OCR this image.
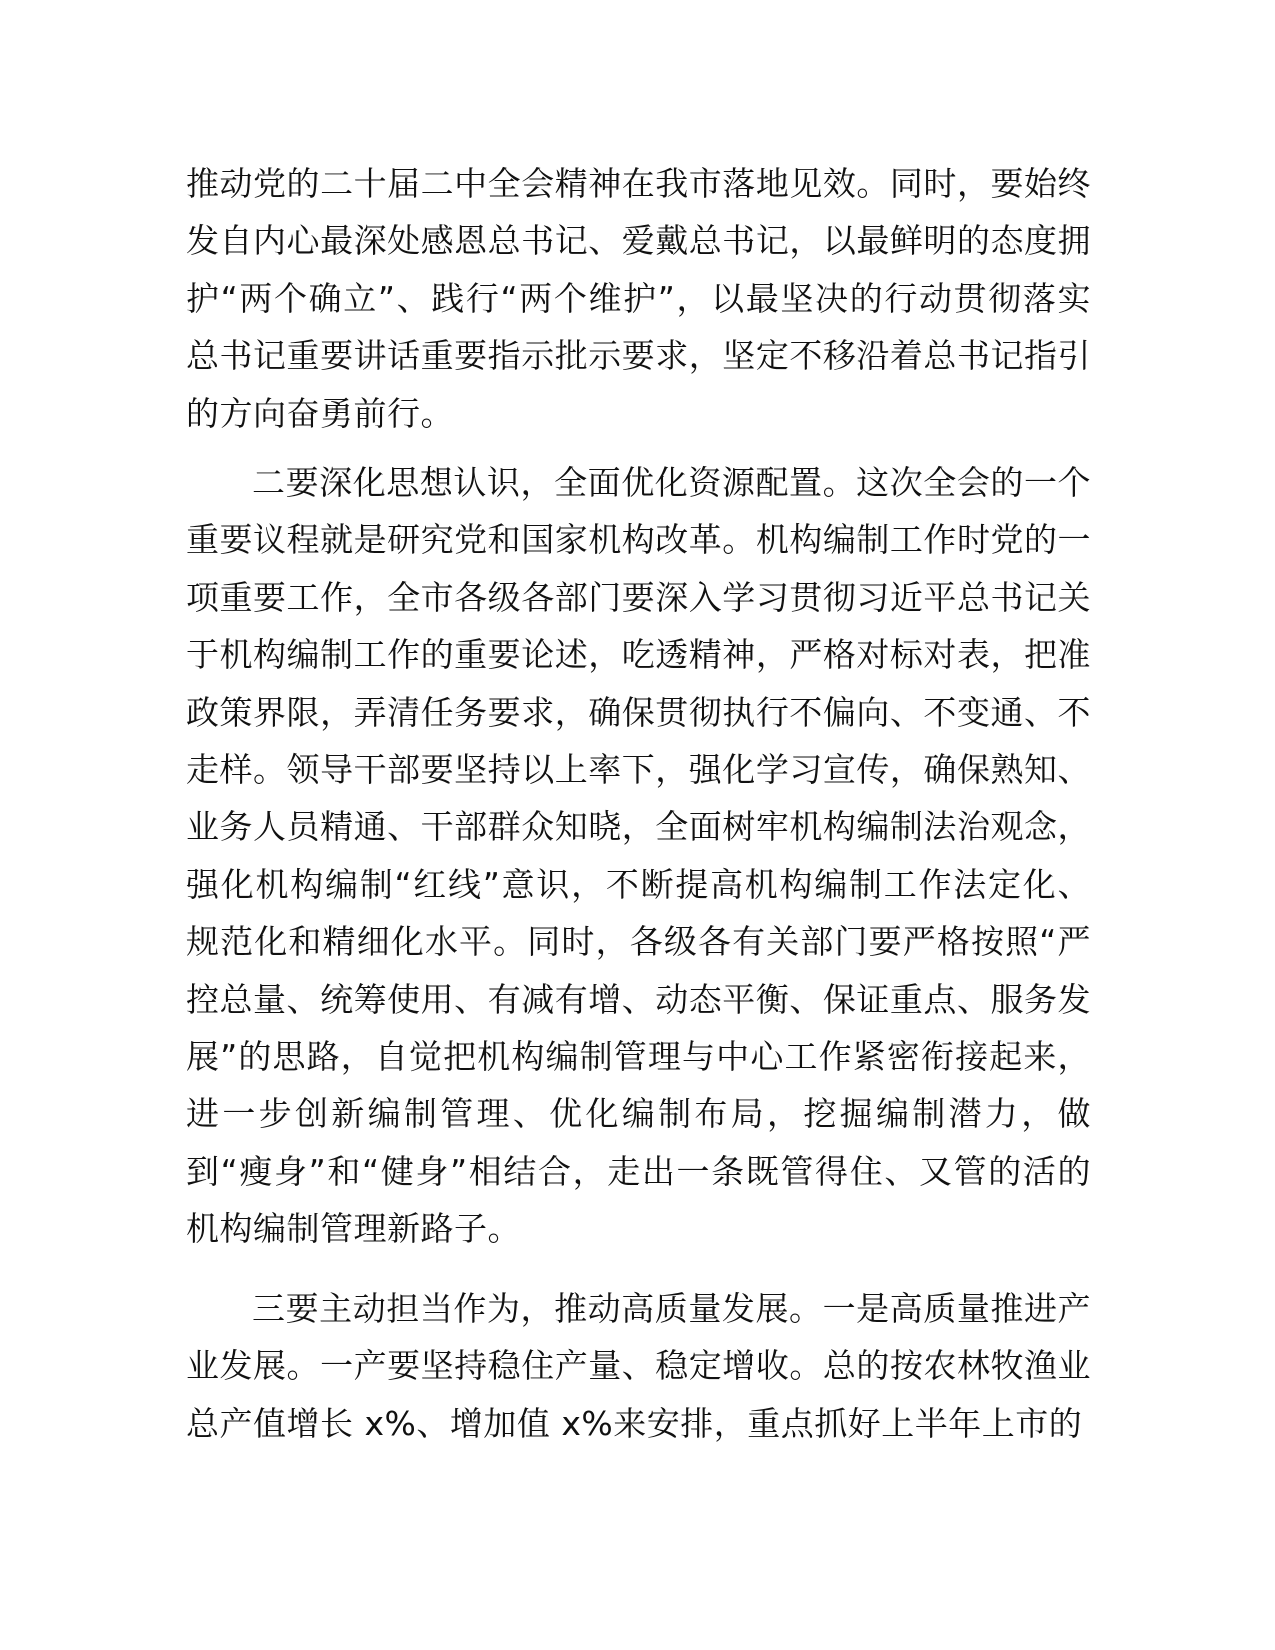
推动党的二十届二中全会精神在我市落地见效。同时，要始终发自内心最深处感恩总书记、爱戴总书记，以最鲜明的态度拥护“两个确立”、践行“两个维护”，以最坚决的行动贯彻落实总书记重要讲话重要指示批示要求，坚定不移沿着总书记指引的方向奋勇前行。

二要深化思想认识，全面优化资源配置。这次全会的一个重要议程就是研究党和国家机构改革。机构编制工作时党的一项重要工作，全市各级各部门要深入学习贯彻习近平总书记关于机构编制工作的重要论述，吃透精神，严格对标对表，把准政策界限，弄清任务要求，确保贯彻执行不偏向、不变通、不走样。领导干部要坚持以上率下，强化学习宣传，确保熟知、业务人员精通、干部群众知晓，全面树牢机构编制法治观念，强化机构编制“红线”意识，不断提高机构编制工作法定化、规范化和精细化水平。同时，各级各有关部门要严格按照“严控总量、统筹使用、有减有增、动态平衡、保证重点、服务发展”的思路，自觉把机构编制管理与中心工作紧密衔接起来，进一步创新编制管理、优化编制布局，挖掘编制潜力，做到“瘦身”和“健身”相结合，走出一条既管得住、又管的活的机构编制管理新路子。

三要主动担当作为，推动高质量发展。一是高质量推进产业发展。一产要坚持稳住产量、稳定增收。总的按农林牧渔业总产值增长 x%、增加值 x%来安排，重点抓好上半年上市的
